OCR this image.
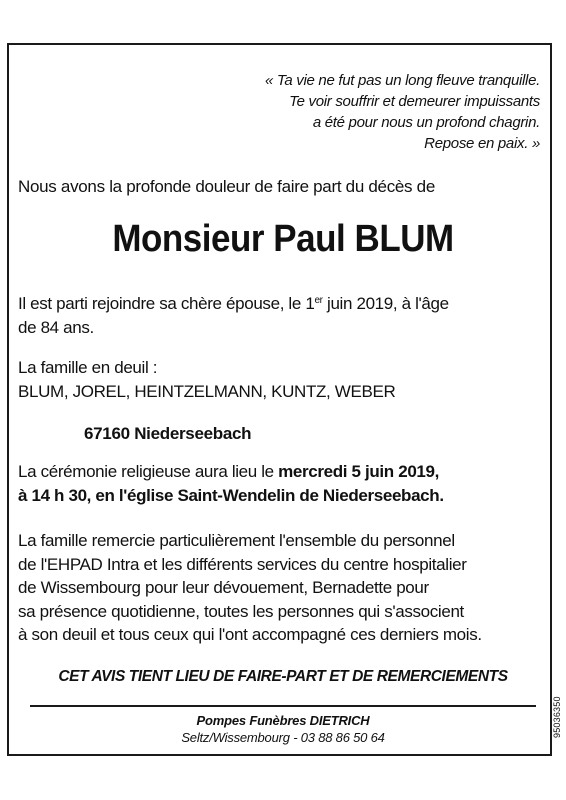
« Ta vie ne fut pas un long fleuve tranquille.
Te voir souffrir et demeurer impuissants
a été pour nous un profond chagrin.
Repose en paix. »
Nous avons la profonde douleur de faire part du décès de
Monsieur Paul BLUM
Il est parti rejoindre sa chère épouse, le 1er juin 2019, à l'âge
de 84 ans.
La famille en deuil :
BLUM, JOREL, HEINTZELMANN, KUNTZ, WEBER
67160 Niederseebach
La cérémonie religieuse aura lieu le mercredi 5 juin 2019,
à 14 h 30, en l'église Saint-Wendelin de Niederseebach.
La famille remercie particulièrement l'ensemble du personnel
de l'EHPAD Intra et les différents services du centre hospitalier
de Wissembourg pour leur dévouement, Bernadette pour
sa présence quotidienne, toutes les personnes qui s'associent
à son deuil et tous ceux qui l'ont accompagné ces derniers mois.
CET AVIS TIENT LIEU DE FAIRE-PART ET DE REMERCIEMENTS
Pompes Funèbres DIETRICH
Seltz/Wissembourg - 03 88 86 50 64	95036350
